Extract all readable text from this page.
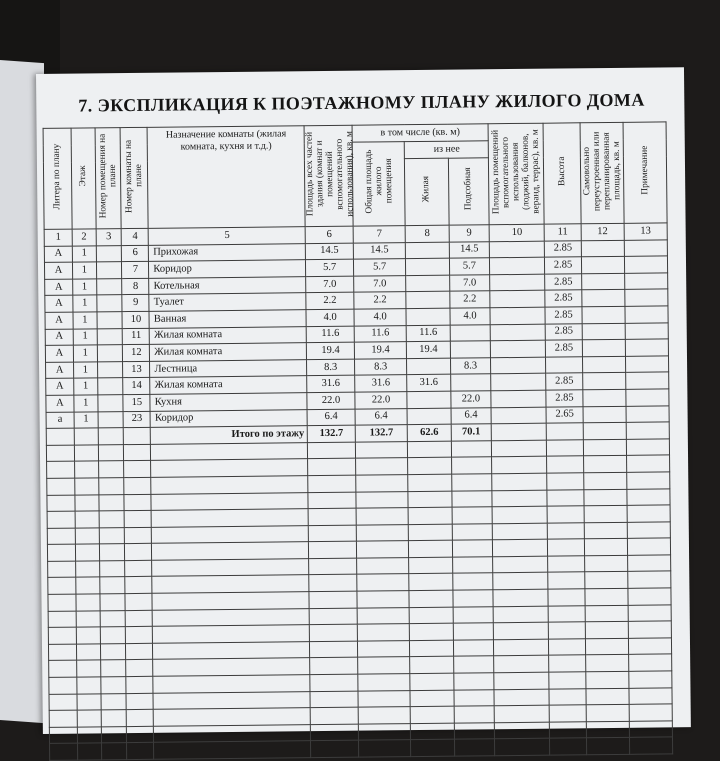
7. ЭКСПЛИКАЦИЯ К ПОЭТАЖНОМУ ПЛАНУ ЖИЛОГО ДОМА
Литера по плану	Этаж	Номер помещения на плане	Номер комнаты на плане	Назначение комнаты (жилая комната, кухня и т.д.)	Площадь всех частей здания (комнат и помещений вспомогательного использования), кв. м	в том числе (кв. м)			Площадь помещений вспомогательного использования (лоджий, балконов, веранд, террас), кв. м	Высота	Самовольно переустроенная или перепланированная площадь, кв. м	Примечание
						Общая площадь жилого помещения	из нее					

							Жилая	Подсобная				
1	2	3	4	5	6	7	8	9	10	11	12	13
А	1		6	Прихожая	14.5	14.5		14.5		2.85		
А	1		7	Коридор	5.7	5.7		5.7		2.85		
А	1		8	Котельная	7.0	7.0		7.0		2.85		
А	1		9	Туалет	2.2	2.2		2.2		2.85		
А	1		10	Ванная	4.0	4.0		4.0		2.85		
А	1		11	Жилая комната	11.6	11.6	11.6			2.85		
А	1		12	Жилая комната	19.4	19.4	19.4			2.85		
А	1		13	Лестница	8.3	8.3		8.3				
А	1		14	Жилая комната	31.6	31.6	31.6			2.85		
А	1		15	Кухня	22.0	22.0		22.0		2.85		
а	1		23	Коридор	6.4	6.4		6.4		2.65		
				Итого по этажу	132.7	132.7	62.6	70.1				
